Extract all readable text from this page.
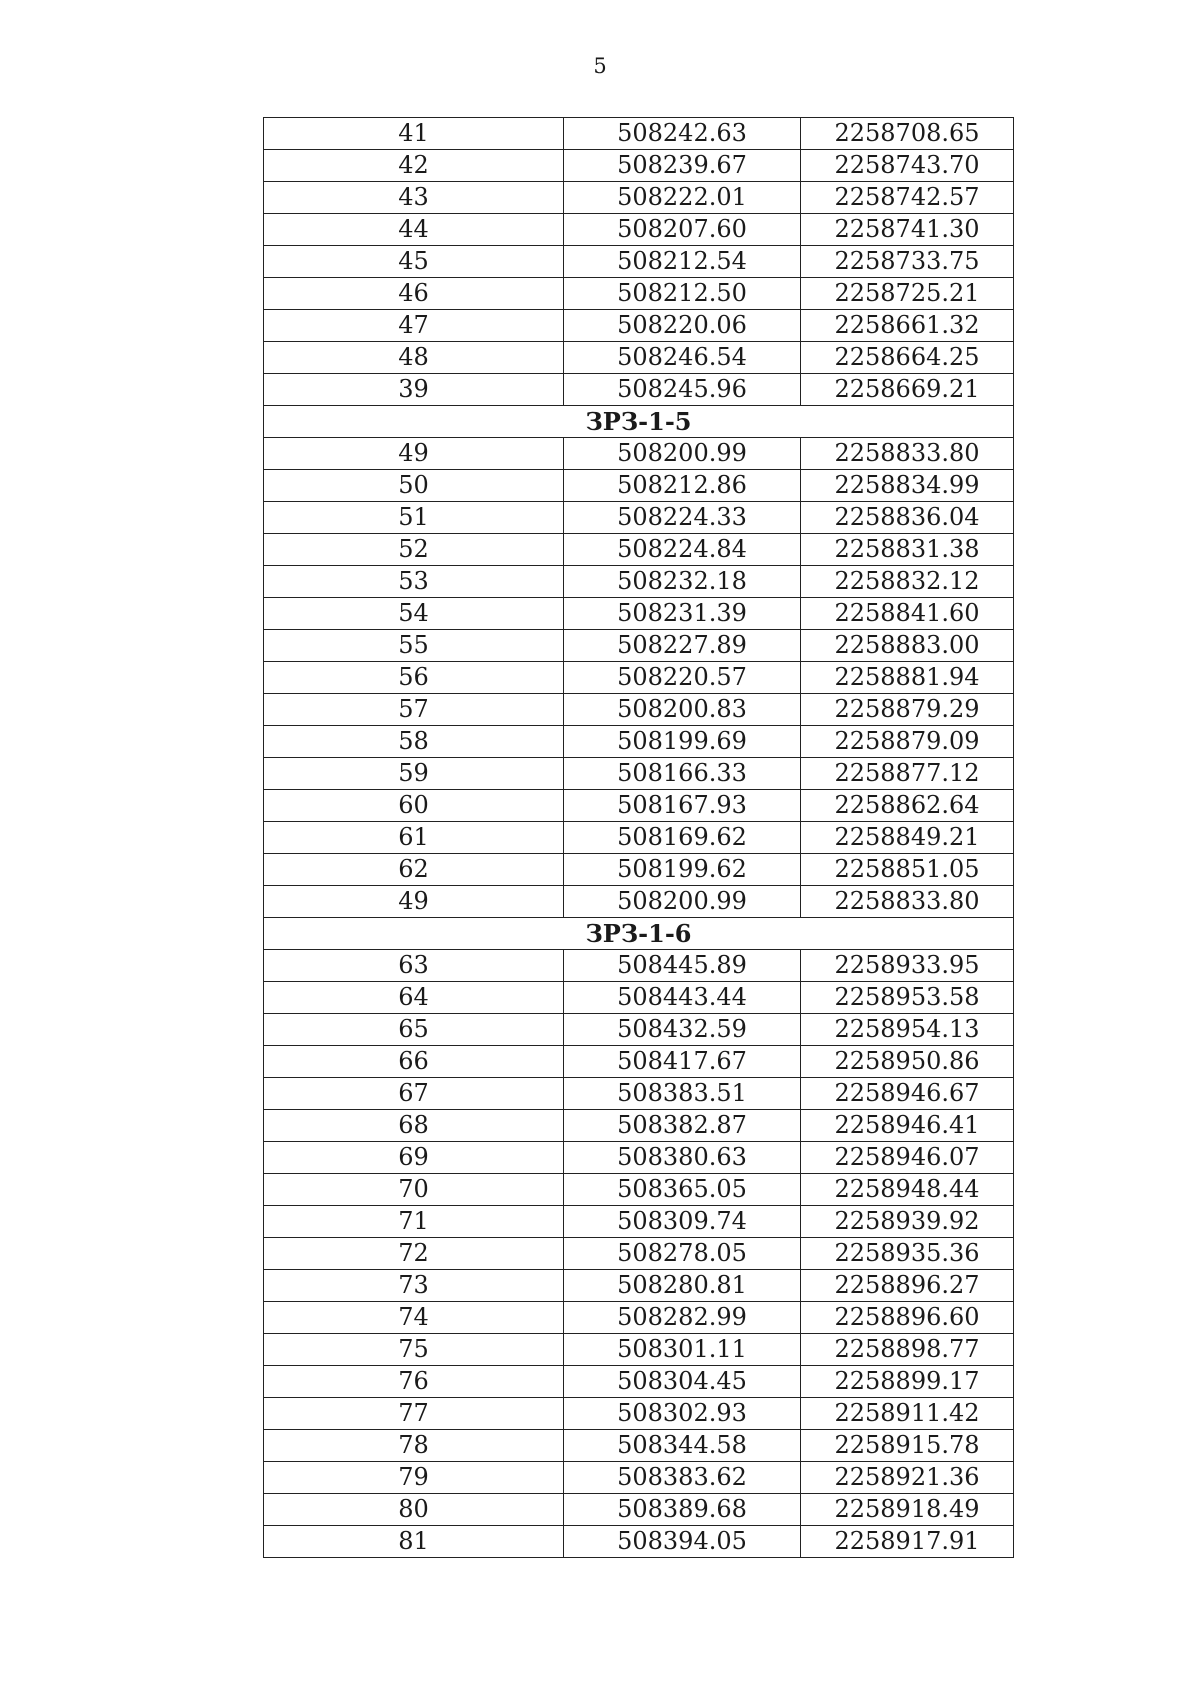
5
41	508242.63	2258708.65
42	508239.67	2258743.70
43	508222.01	2258742.57
44	508207.60	2258741.30
45	508212.54	2258733.75
46	508212.50	2258725.21
47	508220.06	2258661.32
48	508246.54	2258664.25
39	508245.96	2258669.21
ЗРЗ-1-5		
49	508200.99	2258833.80
50	508212.86	2258834.99
51	508224.33	2258836.04
52	508224.84	2258831.38
53	508232.18	2258832.12
54	508231.39	2258841.60
55	508227.89	2258883.00
56	508220.57	2258881.94
57	508200.83	2258879.29
58	508199.69	2258879.09
59	508166.33	2258877.12
60	508167.93	2258862.64
61	508169.62	2258849.21
62	508199.62	2258851.05
49	508200.99	2258833.80
ЗРЗ-1-6		
63	508445.89	2258933.95
64	508443.44	2258953.58
65	508432.59	2258954.13
66	508417.67	2258950.86
67	508383.51	2258946.67
68	508382.87	2258946.41
69	508380.63	2258946.07
70	508365.05	2258948.44
71	508309.74	2258939.92
72	508278.05	2258935.36
73	508280.81	2258896.27
74	508282.99	2258896.60
75	508301.11	2258898.77
76	508304.45	2258899.17
77	508302.93	2258911.42
78	508344.58	2258915.78
79	508383.62	2258921.36
80	508389.68	2258918.49
81	508394.05	2258917.91
